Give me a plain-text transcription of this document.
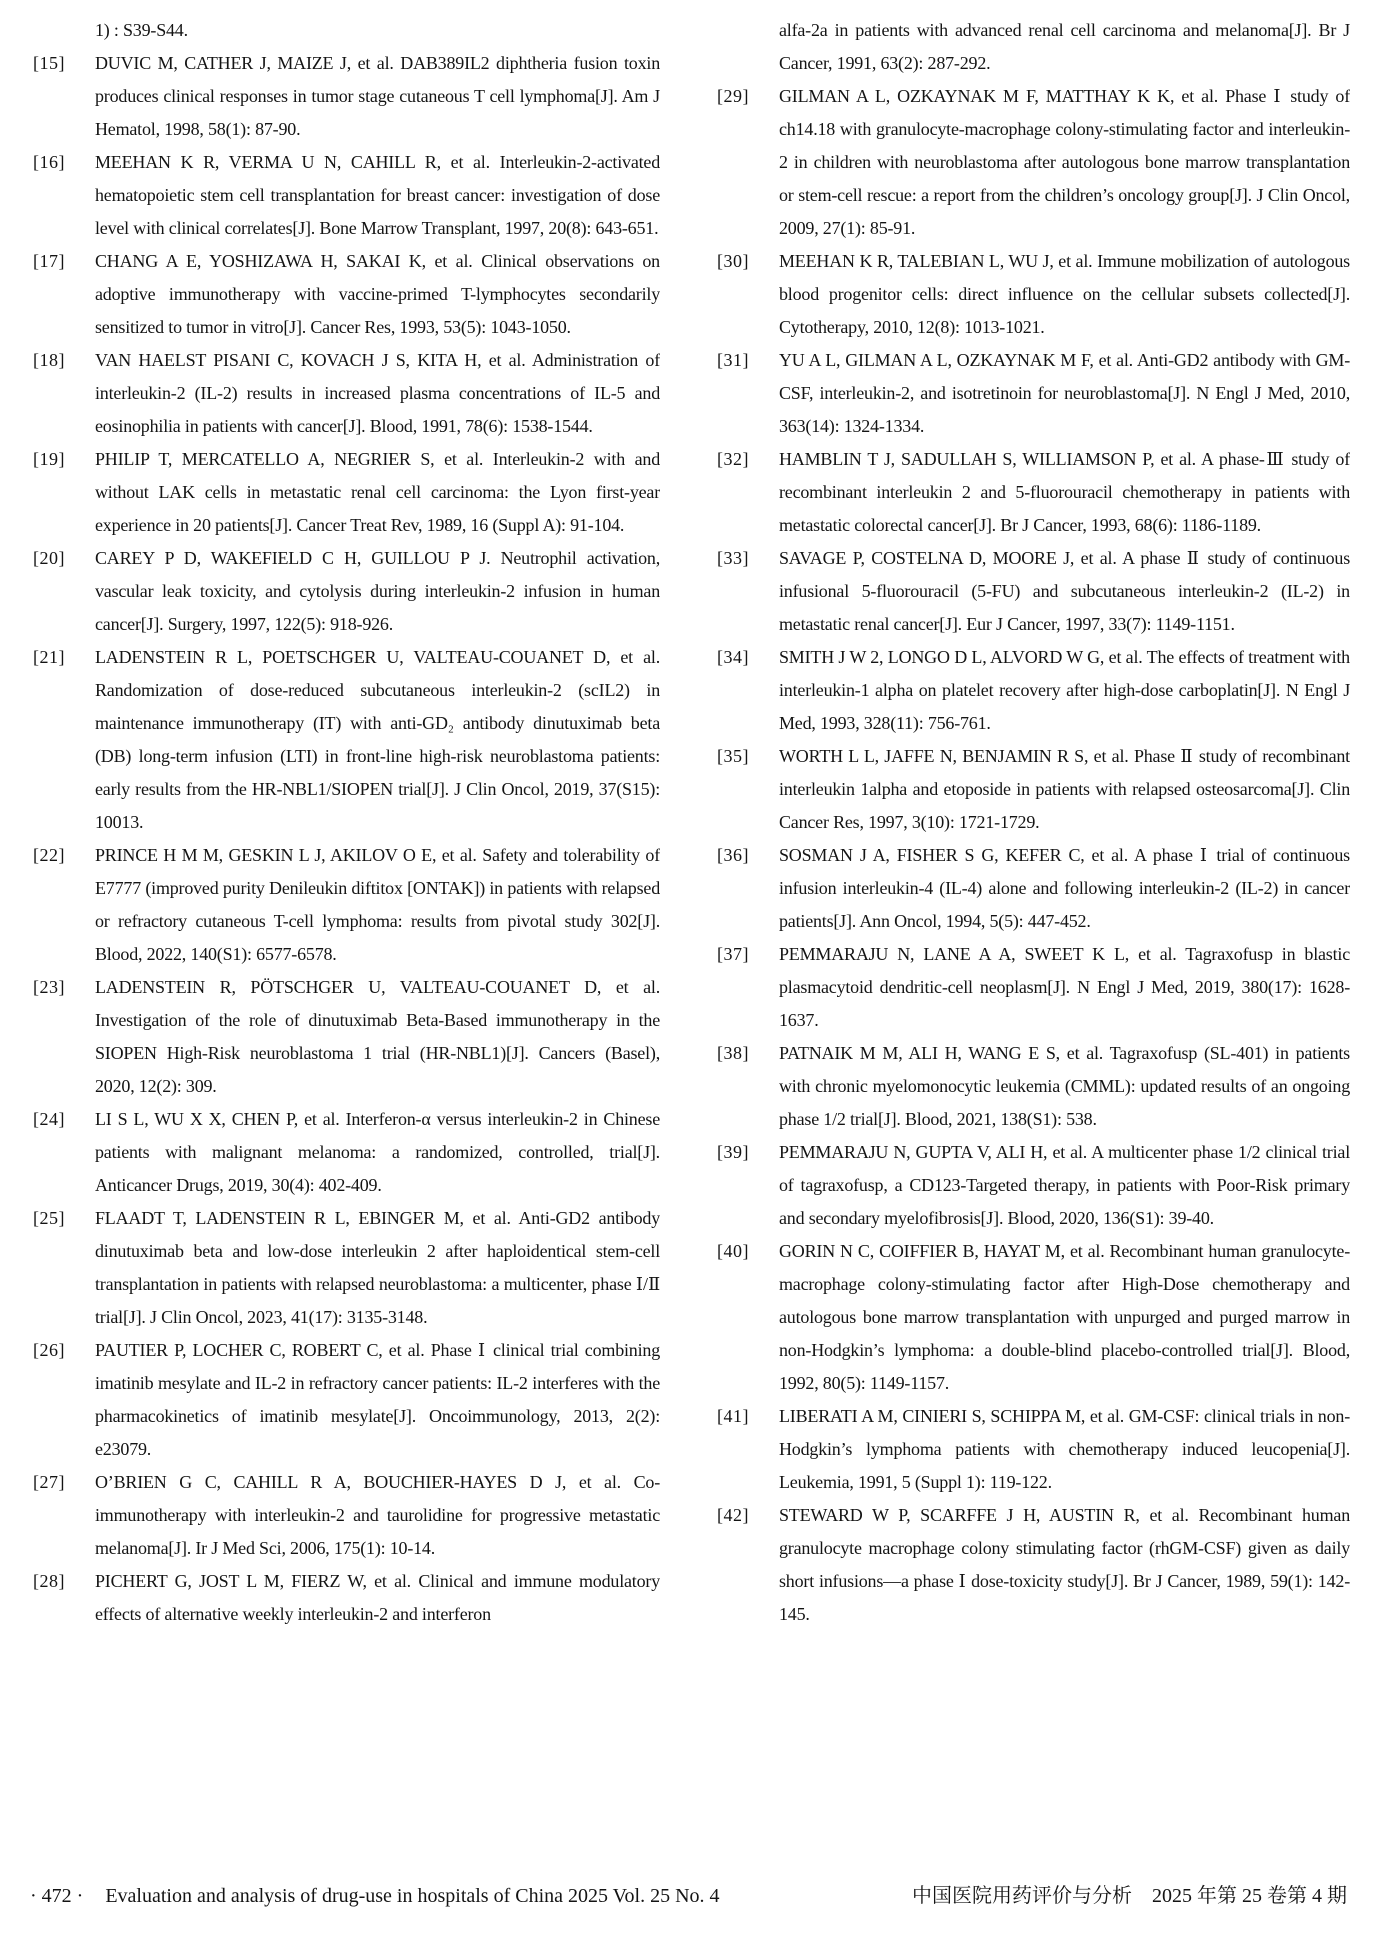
1) : S39-S44.
[15]	DUVIC M, CATHER J, MAIZE J, et al. DAB389IL2 diphtheria fusion toxin produces clinical responses in tumor stage cutaneous T cell lymphoma[J]. Am J Hematol, 1998, 58(1): 87-90.
[16]	MEEHAN K R, VERMA U N, CAHILL R, et al. Interleukin-2-activated hematopoietic stem cell transplantation for breast cancer: investigation of dose level with clinical correlates[J]. Bone Marrow Transplant, 1997, 20(8): 643-651.
[17]	CHANG A E, YOSHIZAWA H, SAKAI K, et al. Clinical observations on adoptive immunotherapy with vaccine-primed T-lymphocytes secondarily sensitized to tumor in vitro[J]. Cancer Res, 1993, 53(5): 1043-1050.
[18]	VAN HAELST PISANI C, KOVACH J S, KITA H, et al. Administration of interleukin-2 (IL-2) results in increased plasma concentrations of IL-5 and eosinophilia in patients with cancer[J]. Blood, 1991, 78(6): 1538-1544.
[19]	PHILIP T, MERCATELLO A, NEGRIER S, et al. Interleukin-2 with and without LAK cells in metastatic renal cell carcinoma: the Lyon first-year experience in 20 patients[J]. Cancer Treat Rev, 1989, 16 (Suppl A): 91-104.
[20]	CAREY P D, WAKEFIELD C H, GUILLOU P J. Neutrophil activation, vascular leak toxicity, and cytolysis during interleukin-2 infusion in human cancer[J]. Surgery, 1997, 122(5): 918-926.
[21]	LADENSTEIN R L, POETSCHGER U, VALTEAU-COUANET D, et al. Randomization of dose-reduced subcutaneous interleukin-2 (scIL2) in maintenance immunotherapy (IT) with anti-GD₂ antibody dinutuximab beta (DB) long-term infusion (LTI) in front-line high-risk neuroblastoma patients: early results from the HR-NBL1/SIOPEN trial[J]. J Clin Oncol, 2019, 37(S15): 10013.
[22]	PRINCE H M M, GESKIN L J, AKILOV O E, et al. Safety and tolerability of E7777 (improved purity Denileukin diftitox [ONTAK]) in patients with relapsed or refractory cutaneous T-cell lymphoma: results from pivotal study 302[J]. Blood, 2022, 140(S1): 6577-6578.
[23]	LADENSTEIN R, PÖTSCHGER U, VALTEAU-COUANET D, et al. Investigation of the role of dinutuximab Beta-Based immunotherapy in the SIOPEN High-Risk neuroblastoma 1 trial (HR-NBL1)[J]. Cancers (Basel), 2020, 12(2): 309.
[24]	LI S L, WU X X, CHEN P, et al. Interferon-α versus interleukin-2 in Chinese patients with malignant melanoma: a randomized, controlled, trial[J]. Anticancer Drugs, 2019, 30(4): 402-409.
[25]	FLAADT T, LADENSTEIN R L, EBINGER M, et al. Anti-GD2 antibody dinutuximab beta and low-dose interleukin 2 after haploidentical stem-cell transplantation in patients with relapsed neuroblastoma: a multicenter, phase Ⅰ/Ⅱ trial[J]. J Clin Oncol, 2023, 41(17): 3135-3148.
[26]	PAUTIER P, LOCHER C, ROBERT C, et al. Phase Ⅰ clinical trial combining imatinib mesylate and IL-2 in refractory cancer patients: IL-2 interferes with the pharmacokinetics of imatinib mesylate[J]. Oncoimmunology, 2013, 2(2): e23079.
[27]	O’BRIEN G C, CAHILL R A, BOUCHIER-HAYES D J, et al. Co-immunotherapy with interleukin-2 and taurolidine for progressive metastatic melanoma[J]. Ir J Med Sci, 2006, 175(1): 10-14.
[28]	PICHERT G, JOST L M, FIERZ W, et al. Clinical and immune modulatory effects of alternative weekly interleukin-2 and interferon
alfa-2a in patients with advanced renal cell carcinoma and melanoma[J]. Br J Cancer, 1991, 63(2): 287-292.
[29]	GILMAN A L, OZKAYNAK M F, MATTHAY K K, et al. Phase Ⅰ study of ch14.18 with granulocyte-macrophage colony-stimulating factor and interleukin-2 in children with neuroblastoma after autologous bone marrow transplantation or stem-cell rescue: a report from the children’s oncology group[J]. J Clin Oncol, 2009, 27(1): 85-91.
[30]	MEEHAN K R, TALEBIAN L, WU J, et al. Immune mobilization of autologous blood progenitor cells: direct influence on the cellular subsets collected[J]. Cytotherapy, 2010, 12(8): 1013-1021.
[31]	YU A L, GILMAN A L, OZKAYNAK M F, et al. Anti-GD2 antibody with GM-CSF, interleukin-2, and isotretinoin for neuroblastoma[J]. N Engl J Med, 2010, 363(14): 1324-1334.
[32]	HAMBLIN T J, SADULLAH S, WILLIAMSON P, et al. A phase-Ⅲ study of recombinant interleukin 2 and 5-fluorouracil chemotherapy in patients with metastatic colorectal cancer[J]. Br J Cancer, 1993, 68(6): 1186-1189.
[33]	SAVAGE P, COSTELNA D, MOORE J, et al. A phase Ⅱ study of continuous infusional 5-fluorouracil (5-FU) and subcutaneous interleukin-2 (IL-2) in metastatic renal cancer[J]. Eur J Cancer, 1997, 33(7): 1149-1151.
[34]	SMITH J W 2, LONGO D L, ALVORD W G, et al. The effects of treatment with interleukin-1 alpha on platelet recovery after high-dose carboplatin[J]. N Engl J Med, 1993, 328(11): 756-761.
[35]	WORTH L L, JAFFE N, BENJAMIN R S, et al. Phase Ⅱ study of recombinant interleukin 1alpha and etoposide in patients with relapsed osteosarcoma[J]. Clin Cancer Res, 1997, 3(10): 1721-1729.
[36]	SOSMAN J A, FISHER S G, KEFER C, et al. A phase Ⅰ trial of continuous infusion interleukin-4 (IL-4) alone and following interleukin-2 (IL-2) in cancer patients[J]. Ann Oncol, 1994, 5(5): 447-452.
[37]	PEMMARAJU N, LANE A A, SWEET K L, et al. Tagraxofusp in blastic plasmacytoid dendritic-cell neoplasm[J]. N Engl J Med, 2019, 380(17): 1628-1637.
[38]	PATNAIK M M, ALI H, WANG E S, et al. Tagraxofusp (SL-401) in patients with chronic myelomonocytic leukemia (CMML): updated results of an ongoing phase 1/2 trial[J]. Blood, 2021, 138(S1): 538.
[39]	PEMMARAJU N, GUPTA V, ALI H, et al. A multicenter phase 1/2 clinical trial of tagraxofusp, a CD123-Targeted therapy, in patients with Poor-Risk primary and secondary myelofibrosis[J]. Blood, 2020, 136(S1): 39-40.
[40]	GORIN N C, COIFFIER B, HAYAT M, et al. Recombinant human granulocyte-macrophage colony-stimulating factor after High-Dose chemotherapy and autologous bone marrow transplantation with unpurged and purged marrow in non-Hodgkin’s lymphoma: a double-blind placebo-controlled trial[J]. Blood, 1992, 80(5): 1149-1157.
[41]	LIBERATI A M, CINIERI S, SCHIPPA M, et al. GM-CSF: clinical trials in non-Hodgkin’s lymphoma patients with chemotherapy induced leucopenia[J]. Leukemia, 1991, 5 (Suppl 1): 119-122.
[42]	STEWARD W P, SCARFFE J H, AUSTIN R, et al. Recombinant human granulocyte macrophage colony stimulating factor (rhGM-CSF) given as daily short infusions—a phase Ⅰ dose-toxicity study[J]. Br J Cancer, 1989, 59(1): 142-145.
· 472 · Evaluation and analysis of drug-use in hospitals of China 2025 Vol. 25 No. 4	中国医院用药评价与分析　2025 年第 25 卷第 4 期
